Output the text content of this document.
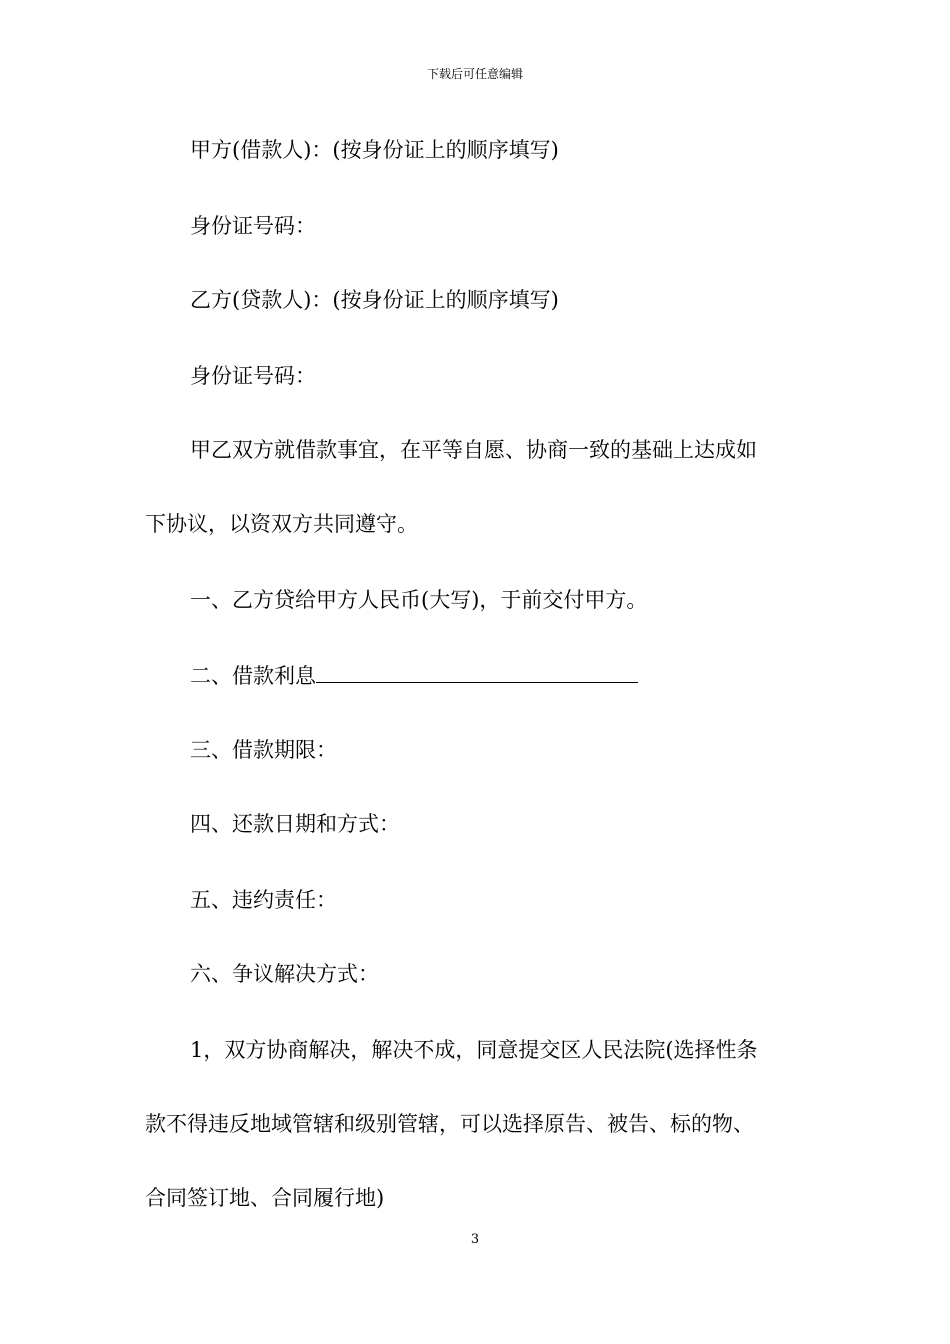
下载后可任意编辑
甲方(借款人)：(按身份证上的顺序填写)
身份证号码：
乙方(贷款人)：(按身份证上的顺序填写)
身份证号码：
甲乙双方就借款事宜，在平等自愿、协商一致的基础上达成如
下协议，以资双方共同遵守。
一、乙方贷给甲方人民币(大写)，于前交付甲方。
二、借款利息
三、借款期限：
四、还款日期和方式：
五、违约责任：
六、争议解决方式：
1，双方协商解决，解决不成，同意提交区人民法院(选择性条
款不得违反地域管辖和级别管辖，可以选择原告、被告、标的物、
合同签订地、合同履行地)
3
